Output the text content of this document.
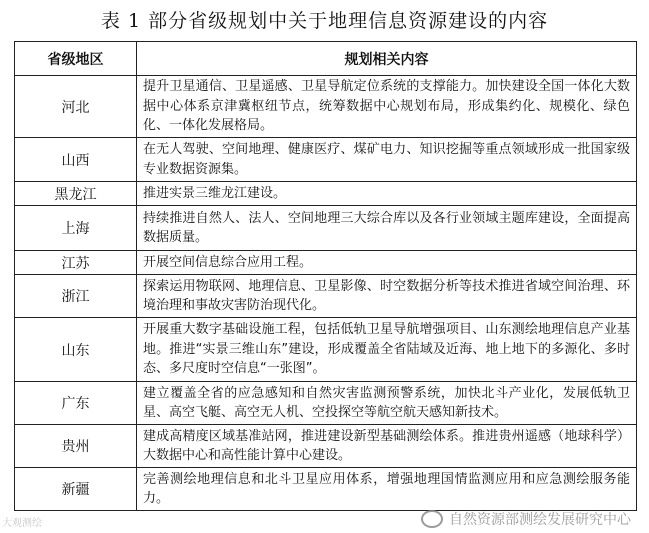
表 1 部分省级规划中关于地理信息资源建设的内容
省级地区	规划相关内容
河北	提升卫星通信、卫星遥感、卫星导航定位系统的支撑能力。加快建设全国一体化大数据中心体系京津冀枢纽节点，统筹数据中心规划布局，形成集约化、规模化、绿色化、一体化发展格局。
山西	在无人驾驶、空间地理、健康医疗、煤矿电力、知识挖掘等重点领域形成一批国家级专业数据资源集。
黑龙江	推进实景三维龙江建设。
上海	持续推进自然人、法人、空间地理三大综合库以及各行业领域主题库建设，全面提高数据质量。
江苏	开展空间信息综合应用工程。
浙江	探索运用物联网、地理信息、卫星影像、时空数据分析等技术推进省域空间治理、环境治理和事故灾害防治现代化。
山东	开展重大数字基础设施工程，包括低轨卫星导航增强项目、山东测绘地理信息产业基地。推进“实景三维山东”建设，形成覆盖全省陆域及近海、地上地下的多源化、多时态、多尺度时空信息“一张图”。
广东	建立覆盖全省的应急感知和自然灾害监测预警系统，加快北斗产业化，发展低轨卫星、高空飞艇、高空无人机、空投探空等航空航天感知新技术。
贵州	建成高精度区域基准站网，推进建设新型基础测绘体系。推进贵州遥感（地球科学）大数据中心和高性能计算中心建设。
新疆	完善测绘地理信息和北斗卫星应用体系，增强地理国情监测应用和应急测绘服务能力。
大观测绘	自然资源部测绘发展研究中心
